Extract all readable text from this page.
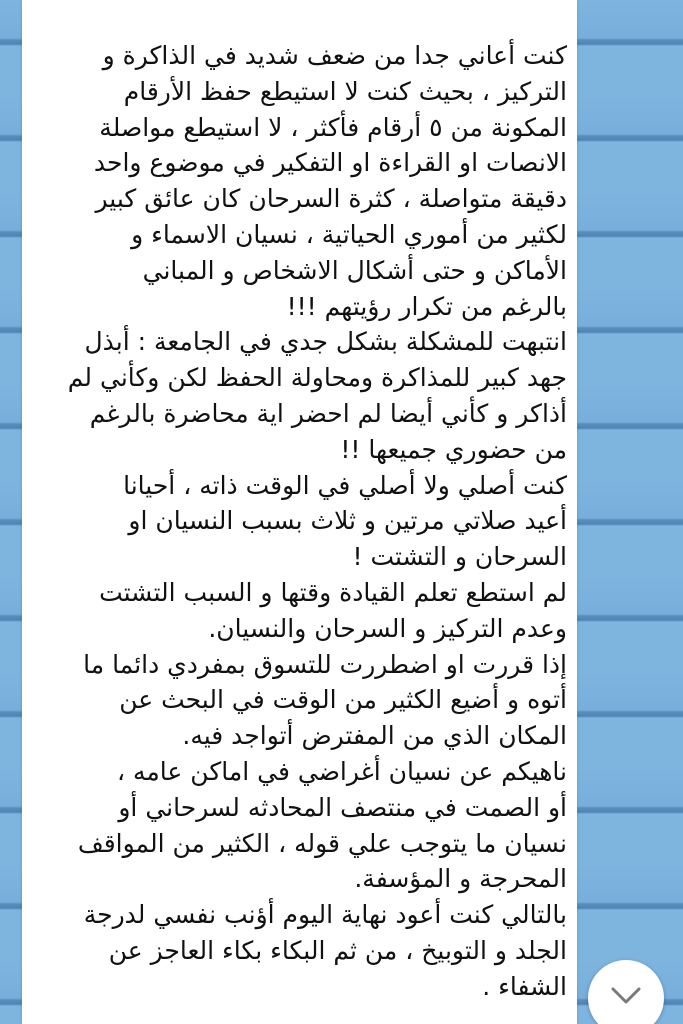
كنت أعاني جدا من ضعف شديد في الذاكرة و
التركيز ، بحيث كنت لا استيطع حفظ الأرقام
المكونة من ٥ أرقام فأكثر ، لا استيطع مواصلة
الانصات او القراءة او التفكير في موضوع واحد
دقيقة متواصلة ، كثرة السرحان كان عائق كبير
لكثير من أموري الحياتية ، نسيان الاسماء و
الأماكن و حتى أشكال الاشخاص و المباني
بالرغم من تكرار رؤيتهم !!!
انتبهت للمشكلة بشكل جدي في الجامعة : أبذل
جهد كبير للمذاكرة ومحاولة الحفظ لكن وكأني لم
أذاكر و كأني أيضا لم احضر اية محاضرة بالرغم
من حضوري جميعها !!
كنت أصلي ولا أصلي في الوقت ذاته ، أحيانا
أعيد صلاتي مرتين و ثلاث بسبب النسيان او
السرحان و التشتت !
لم استطع تعلم القيادة وقتها و السبب التشتت
وعدم التركيز و السرحان والنسيان.
إذا قررت او اضطررت للتسوق بمفردي دائما ما
أتوه و أضيع الكثير من الوقت في البحث عن
المكان الذي من المفترض أتواجد فيه.
ناهيكم عن نسيان أغراضي في اماكن عامه ،
أو الصمت في منتصف المحادثه لسرحاني أو
نسيان ما يتوجب علي قوله ، الكثير من المواقف
المحرجة و المؤسفة.
بالتالي كنت أعود نهاية اليوم أؤنب نفسي لدرجة
الجلد و التوبيخ ، من ثم البكاء بكاء العاجز عن
الشفاء .
